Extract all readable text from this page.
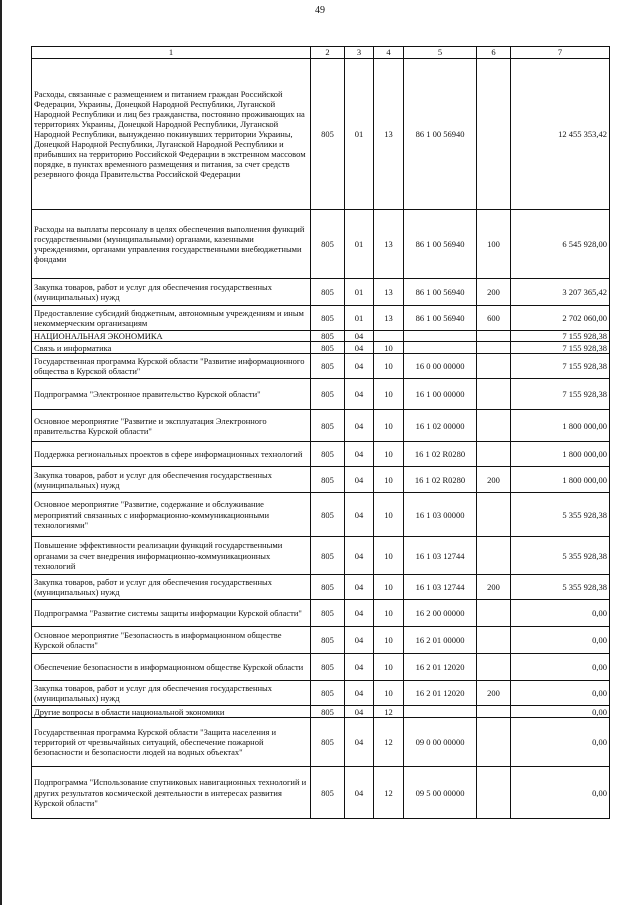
49
1	2	3	4	5	6	7
Расходы, связанные с размещением и питанием граждан Российской Федерации, Украины, Донецкой Народной Республики, Луганской Народной Республики и лиц без гражданства, постоянно проживающих на территориях Украины, Донецкой Народной Республики, Луганской Народной Республики, вынужденно покинувших территории Украины, Донецкой Народной Республики, Луганской Народной Республики и прибывших на территорию Российской Федерации в экстренном массовом порядке, в пунктах временного размещения и питания, за счет средств резервного фонда Правительства Российской Федерации	805	01	13	86 1 00 56940		12 455 353,42
Расходы на выплаты персоналу в целях обеспечения выполнения функций государственными (муниципальными) органами, казенными учреждениями, органами управления государственными внебюджетными фондами	805	01	13	86 1 00 56940	100	6 545 928,00
Закупка товаров, работ и услуг для обеспечения государственных (муниципальных) нужд	805	01	13	86 1 00 56940	200	3 207 365,42
Предоставление субсидий бюджетным, автономным учреждениям и иным некоммерческим организациям	805	01	13	86 1 00 56940	600	2 702 060,00
НАЦИОНАЛЬНАЯ ЭКОНОМИКА	805	04				7 155 928,38
Связь и информатика	805	04	10			7 155 928,38
Государственная программа Курской области "Развитие информационного общества в Курской области"	805	04	10	16 0 00 00000		7 155 928,38
Подпрограмма "Электронное правительство Курской области"	805	04	10	16 1 00 00000		7 155 928,38
Основное мероприятие "Развитие и эксплуатация Электронного правительства Курской области"	805	04	10	16 1 02 00000		1 800 000,00
Поддержка региональных проектов в сфере информационных технологий	805	04	10	16 1 02 R0280		1 800 000,00
Закупка товаров, работ и услуг для обеспечения государственных (муниципальных) нужд	805	04	10	16 1 02 R0280	200	1 800 000,00
Основное мероприятие "Развитие, содержание и обслуживание мероприятий связанных с информационно-коммуникационными технологиями"	805	04	10	16 1 03 00000		5 355 928,38
Повышение эффективности реализации функций государственными органами за счет внедрения информационно-коммуникационных технологий	805	04	10	16 1 03 12744		5 355 928,38
Закупка товаров, работ и услуг для обеспечения государственных (муниципальных) нужд	805	04	10	16 1 03 12744	200	5 355 928,38
Подпрограмма "Развитие системы защиты информации Курской области"	805	04	10	16 2 00 00000		0,00
Основное мероприятие "Безопасность в информационном обществе Курской области"	805	04	10	16 2 01 00000		0,00
Обеспечение безопасности в информационном обществе Курской области	805	04	10	16 2 01 12020		0,00
Закупка товаров, работ и услуг для обеспечения государственных (муниципальных) нужд	805	04	10	16 2 01 12020	200	0,00
Другие вопросы в области национальной экономики	805	04	12			0,00
Государственная программа Курской области "Защита населения и территорий от чрезвычайных ситуаций, обеспечение пожарной безопасности и безопасности людей на водных объектах"	805	04	12	09 0 00 00000		0,00
Подпрограмма "Использование спутниковых навигационных технологий и других результатов космической деятельности в интересах развития Курской области"	805	04	12	09 5 00 00000		0,00
